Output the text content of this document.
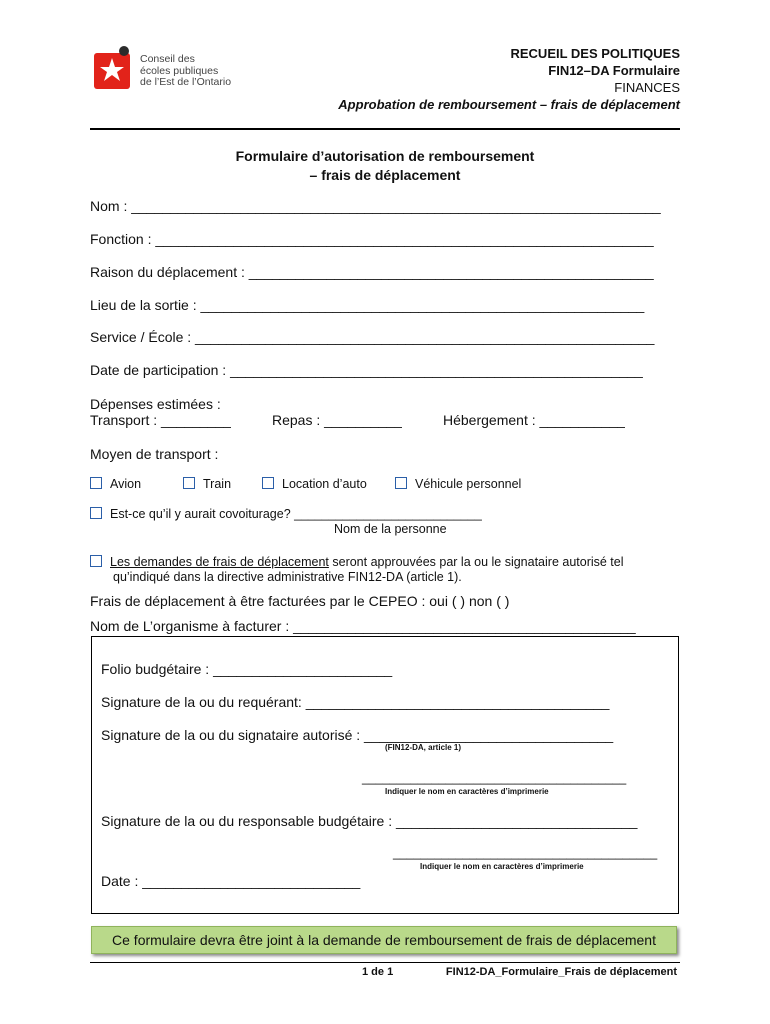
Conseil des
écoles publiques
de l’Est de l’Ontario
RECUEIL DES POLITIQUES
FIN12–DA Formulaire
FINANCES
Approbation de remboursement – frais de déplacement
Formulaire d’autorisation de remboursement
– frais de déplacement
Nom : ____________________________________________________________________
Fonction : ________________________________________________________________
Raison du déplacement : ____________________________________________________
Lieu de la sortie : _________________________________________________________
Service / École : ___________________________________________________________
Date de participation : _____________________________________________________
Dépenses estimées :
Transport : _________	Repas : __________	Hébergement : ___________
Moyen de transport :
Avion	Train	Location d’auto	Véhicule personnel
Est-ce qu’il y aurait covoiturage? ___________________________
Nom de la personne
Les demandes de frais de déplacement seront approuvées par la ou le signataire autorisé tel
qu’indiqué dans la directive administrative FIN12-DA (article 1).
Frais de déplacement à être facturées par le CEPEO : oui ( ) non ( )
Nom de L’organisme à facturer : ____________________________________________
Folio budgétaire : _______________________
Signature de la ou du requérant: _______________________________________
Signature de la ou du signataire autorisé : ________________________________
(FIN12-DA, article 1)
______________________________________
Indiquer le nom en caractères d’imprimerie
Signature de la ou du responsable budgétaire : _______________________________
______________________________________
Indiquer le nom en caractères d’imprimerie
Date : ____________________________
Ce formulaire devra être joint à la demande de remboursement de frais de déplacement
1 de 1	FIN12-DA_Formulaire_Frais de déplacement
